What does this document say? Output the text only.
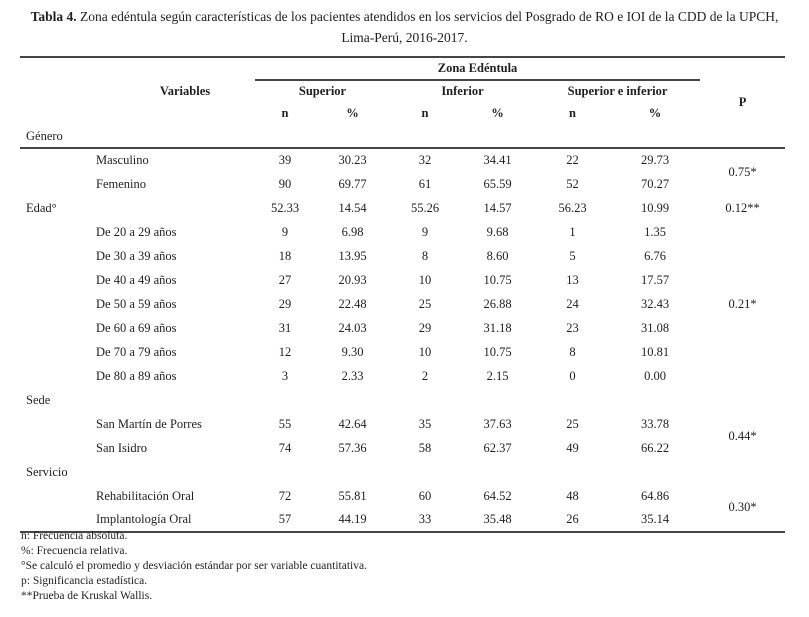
Tabla 4. Zona edéntula según características de los pacientes atendidos en los servicios del Posgrado de RO e IOI de la CDD de la UPCH, Lima-Perú, 2016-2017.
	Zona Edéntula						
Variables	Superior		Inferior		Superior e inferior		P
	n	%	n	%	n	%	
Género							
Masculino	39	30.23	32	34.41	22	29.73	0.75*
Femenino	90	69.77	61	65.59	52	70.27	
Edad°	52.33	14.54	55.26	14.57	56.23	10.99	0.12**
De 20 a 29 años	9	6.98	9	9.68	1	1.35	0.21*
De 30 a 39 años	18	13.95	8	8.60	5	6.76	
De 40 a 49 años	27	20.93	10	10.75	13	17.57	
De 50 a 59 años	29	22.48	25	26.88	24	32.43	
De 60 a 69 años	31	24.03	29	31.18	23	31.08	
De 70 a 79 años	12	9.30	10	10.75	8	10.81	
De 80 a 89 años	3	2.33	2	2.15	0	0.00	
Sede							
San Martín de Porres	55	42.64	35	37.63	25	33.78	0.44*
San Isidro	74	57.36	58	62.37	49	66.22	
Servicio							
Rehabilitación Oral	72	55.81	60	64.52	48	64.86	0.30*
Implantología Oral	57	44.19	33	35.48	26	35.14	
n: Frecuencia absoluta.
%: Frecuencia relativa.
°Se calculó el promedio y desviación estándar por ser variable cuantitativa.
p: Significancia estadística.
**Prueba de Kruskal Wallis.
